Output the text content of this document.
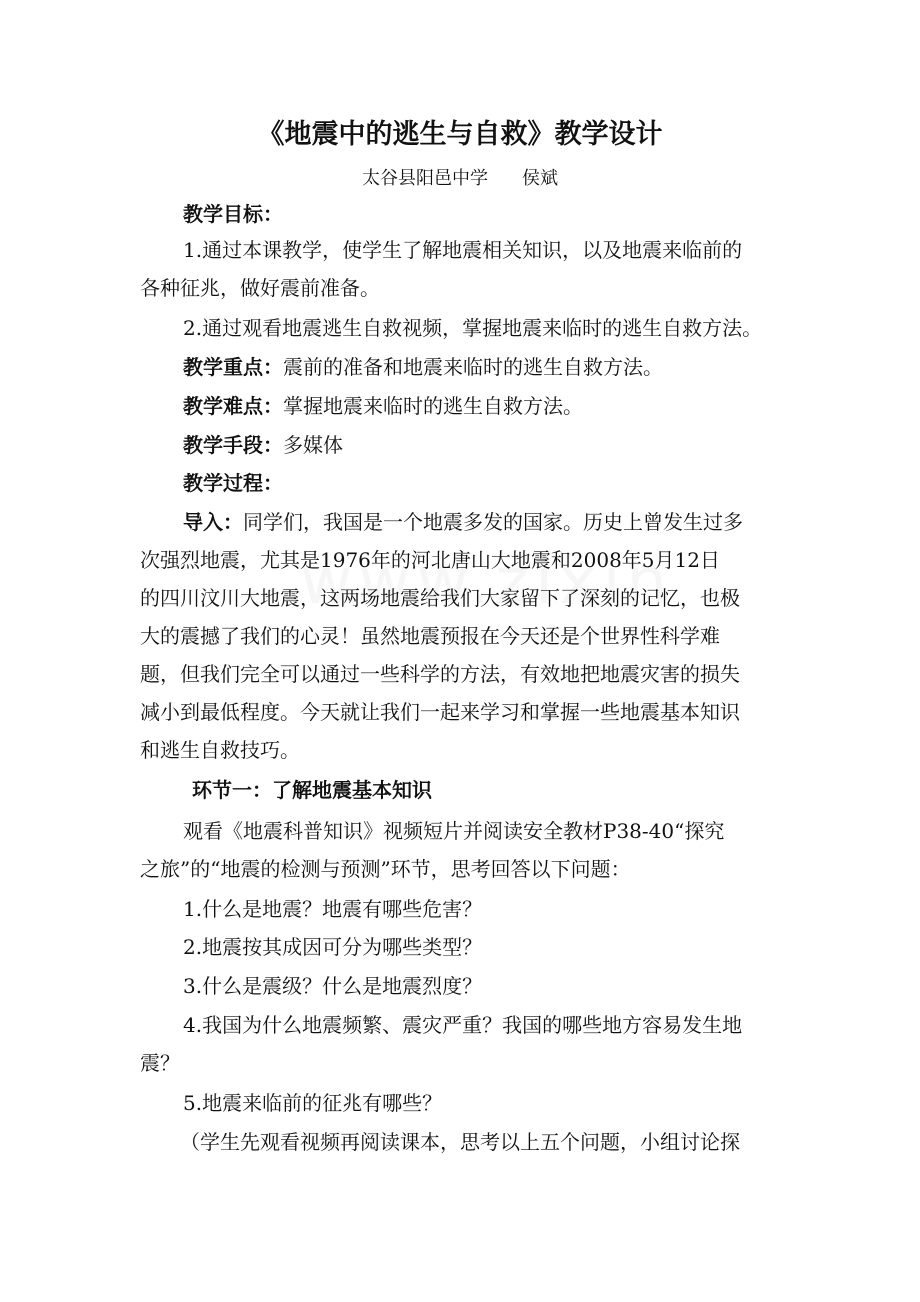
《地震中的逃生与自救》教学设计
太谷县阳邑中学 侯斌
教学目标：
1.通过本课教学，使学生了解地震相关知识，以及地震来临前的
各种征兆，做好震前准备。
2.通过观看地震逃生自救视频，掌握地震来临时的逃生自救方法。
教学重点：震前的准备和地震来临时的逃生自救方法。
教学难点：掌握地震来临时的逃生自救方法。
教学手段：多媒体
教学过程：
导入：同学们，我国是一个地震多发的国家。历史上曾发生过多
次强烈地震，尤其是1976年的河北唐山大地震和2008年5月12日
的四川汶川大地震，这两场地震给我们大家留下了深刻的记忆，也极
大的震撼了我们的心灵！虽然地震预报在今天还是个世界性科学难
题，但我们完全可以通过一些科学的方法，有效地把地震灾害的损失
减小到最低程度。今天就让我们一起来学习和掌握一些地震基本知识
和逃生自救技巧。
环节一：了解地震基本知识
观看《地震科普知识》视频短片并阅读安全教材P38-40“探究
之旅”的“地震的检测与预测”环节，思考回答以下问题：
1.什么是地震？地震有哪些危害？
2.地震按其成因可分为哪些类型？
3.什么是震级？什么是地震烈度？
4.我国为什么地震频繁、震灾严重？我国的哪些地方容易发生地
震？
5.地震来临前的征兆有哪些？
（学生先观看视频再阅读课本，思考以上五个问题，小组讨论探
